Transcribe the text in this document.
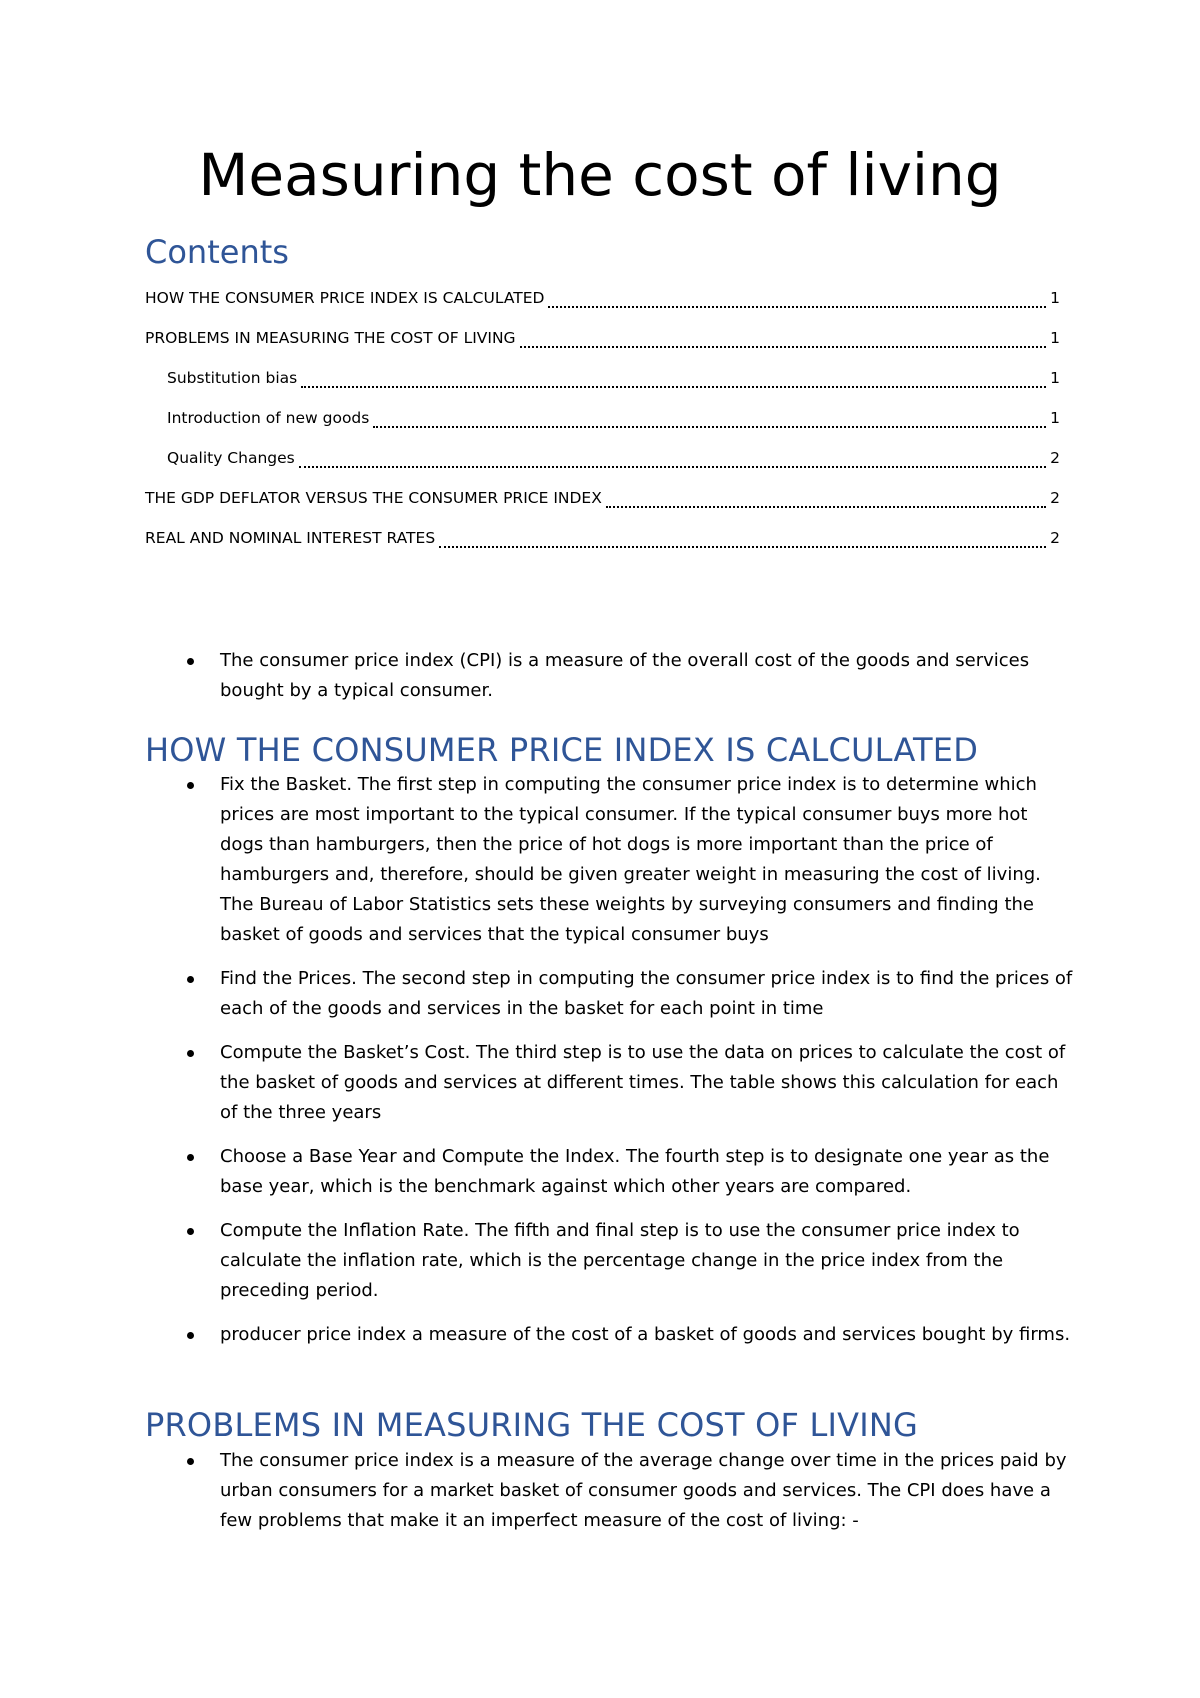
Measuring the cost of living
Contents
HOW THE CONSUMER PRICE INDEX IS CALCULATED	1
PROBLEMS IN MEASURING THE COST OF LIVING	1
Substitution bias	1
Introduction of new goods	1
Quality Changes	2
THE GDP DEFLATOR VERSUS THE CONSUMER PRICE INDEX	2
REAL AND NOMINAL INTEREST RATES	2
The consumer price index (CPI) is a measure of the overall cost of the goods and services bought by a typical consumer.
HOW THE CONSUMER PRICE INDEX IS CALCULATED
Fix the Basket. The first step in computing the consumer price index is to determine which prices are most important to the typical consumer. If the typical consumer buys more hot dogs than hamburgers, then the price of hot dogs is more important than the price of hamburgers and, therefore, should be given greater weight in measuring the cost of living. The Bureau of Labor Statistics sets these weights by surveying consumers and finding the basket of goods and services that the typical consumer buys
Find the Prices. The second step in computing the consumer price index is to find the prices of each of the goods and services in the basket for each point in time
Compute the Basket’s Cost. The third step is to use the data on prices to calculate the cost of the basket of goods and services at different times. The table shows this calculation for each of the three years
Choose a Base Year and Compute the Index. The fourth step is to designate one year as the base year, which is the benchmark against which other years are compared.
Compute the Inflation Rate. The fifth and final step is to use the consumer price index to calculate the inflation rate, which is the percentage change in the price index from the preceding period.
producer price index a measure of the cost of a basket of goods and services bought by firms.
PROBLEMS IN MEASURING THE COST OF LIVING
The consumer price index is a measure of the average change over time in the prices paid by urban consumers for a market basket of consumer goods and services. The CPI does have a few problems that make it an imperfect measure of the cost of living: -
